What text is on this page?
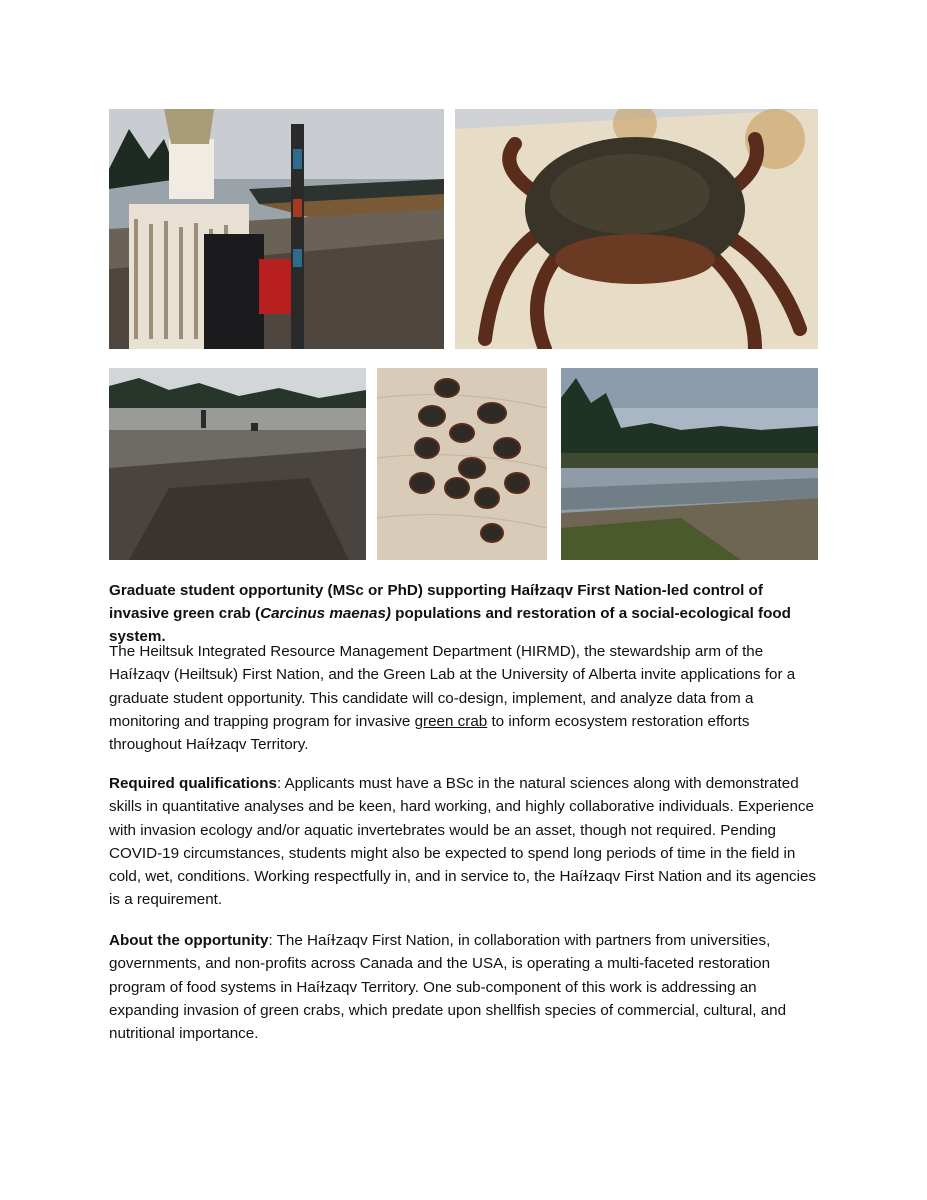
Graduate student opportunity (MSc or PhD) supporting Haíɫzaqv First Nation-led control of invasive green crab (Carcinus maenas) populations and restoration of a social-ecological food system.
The Heiltsuk Integrated Resource Management Department (HIRMD), the stewardship arm of the Haíɫzaqv (Heiltsuk) First Nation, and the Green Lab at the University of Alberta invite applications for a graduate student opportunity. This candidate will co-design, implement, and analyze data from a monitoring and trapping program for invasive green crab to inform ecosystem restoration efforts throughout Haíɫzaqv Territory.
Required qualifications: Applicants must have a BSc in the natural sciences along with demonstrated skills in quantitative analyses and be keen, hard working, and highly collaborative individuals. Experience with invasion ecology and/or aquatic invertebrates would be an asset, though not required. Pending COVID-19 circumstances, students might also be expected to spend long periods of time in the field in cold, wet, conditions. Working respectfully in, and in service to, the Haíɫzaqv First Nation and its agencies is a requirement.
About the opportunity: The Haíɫzaqv First Nation, in collaboration with partners from universities, governments, and non-profits across Canada and the USA, is operating a multi-faceted restoration program of food systems in Haíɫzaqv Territory. One sub-component of this work is addressing an expanding invasion of green crabs, which predate upon shellfish species of commercial, cultural, and nutritional importance.
